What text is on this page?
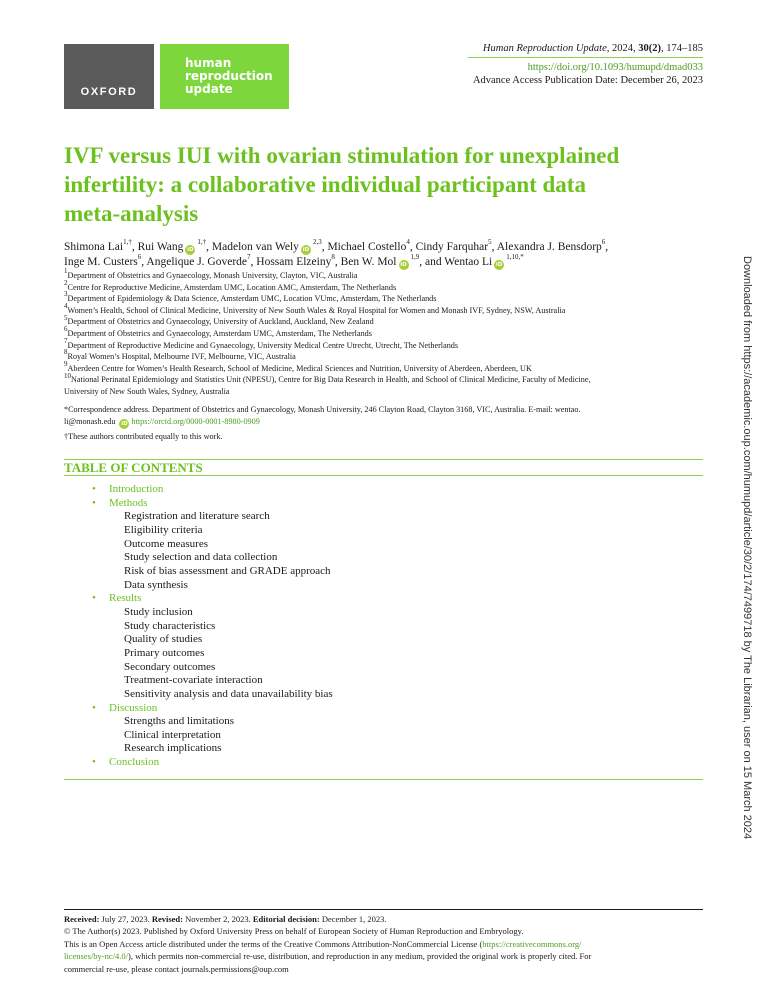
OXFORD
human
reproduction
update
Human Reproduction Update, 2024, 30(2), 174–185
https://doi.org/10.1093/humupd/dmad033
Advance Access Publication Date: December 26, 2023
IVF versus IUI with ovarian stimulation for unexplained
infertility: a collaborative individual participant data
meta-analysis
Shimona Lai$^{1,\dagger}$, Rui Wang $iD^{1,\dagger}$, Madelon van Wely iD$^{2,3}$, Michael Costello$^4$, Cindy Farquhar$^5$, Alexandra J. Bensdorp$^6$,
Inge M. Custers$^6$, Angelique J. Goverde$^7$, Hossam Elzeiny$^8$, Ben W. Mol iD$^{1,9}$, and Wentao Li $iD^{1,10,*}$
$^1$Department of Obstetrics and Gynaecology, Monash University, Clayton, VIC, Australia
$^2$Centre for Reproductive Medicine, Amsterdam UMC, Location AMC, Amsterdam, The Netherlands
$^3$Department of Epidemiology & Data Science, Amsterdam UMC, Location VUmc, Amsterdam, The Netherlands
$^4$Women’s Health, School of Clinical Medicine, University of New South Wales & Royal Hospital for Women and Monash IVF, Sydney, NSW, Australia
$^5$Department of Obstetrics and Gynaecology, University of Auckland, Auckland, New Zealand
$^6$Department of Obstetrics and Gynaecology, Amsterdam UMC, Amsterdam, The Netherlands
$^7$Department of Reproductive Medicine and Gynaecology, University Medical Centre Utrecht, Utrecht, The Netherlands
$^8$Royal Women’s Hospital, Melbourne IVF, Melbourne, VIC, Australia
$^9$Aberdeen Centre for Women’s Health Research, School of Medicine, Medical Sciences and Nutrition, University of Aberdeen, Aberdeen, UK
$^{10}$National Perinatal Epidemiology and Statistics Unit (NPESU), Centre for Big Data Research in Health, and School of Clinical Medicine, Faculty of Medicine,
University of New South Wales, Sydney, Australia
*Correspondence address. Department of Obstetrics and Gynaecology, Monash University, 246 Clayton Road, Clayton 3168, VIC, Australia. E-mail: wentao.
li@monash.edu iD https://orcid.org/0000-0001-8980-0909
†These authors contributed equally to this work.
TABLE OF CONTENTS
• Introduction
• Methods
Registration and literature search
Eligibility criteria
Outcome measures
Study selection and data collection
Risk of bias assessment and GRADE approach
Data synthesis
• Results
Study inclusion
Study characteristics
Quality of studies
Primary outcomes
Secondary outcomes
Treatment-covariate interaction
Sensitivity analysis and data unavailability bias
• Discussion
Strengths and limitations
Clinical interpretation
Research implications
• Conclusion
Received: July 27, 2023. Revised: November 2, 2023. Editorial decision: December 1, 2023.
© The Author(s) 2023. Published by Oxford University Press on behalf of European Society of Human Reproduction and Embryology.
This is an Open Access article distributed under the terms of the Creative Commons Attribution-NonCommercial License (https://creativecommons.org/
licenses/by-nc/4.0/), which permits non-commercial re-use, distribution, and reproduction in any medium, provided the original work is properly cited. For
commercial re-use, please contact journals.permissions@oup.com
Downloaded from https://academic.oup.com/humupd/article/30/2/174/7499718 by The Librarian, user on 15 March 2024
